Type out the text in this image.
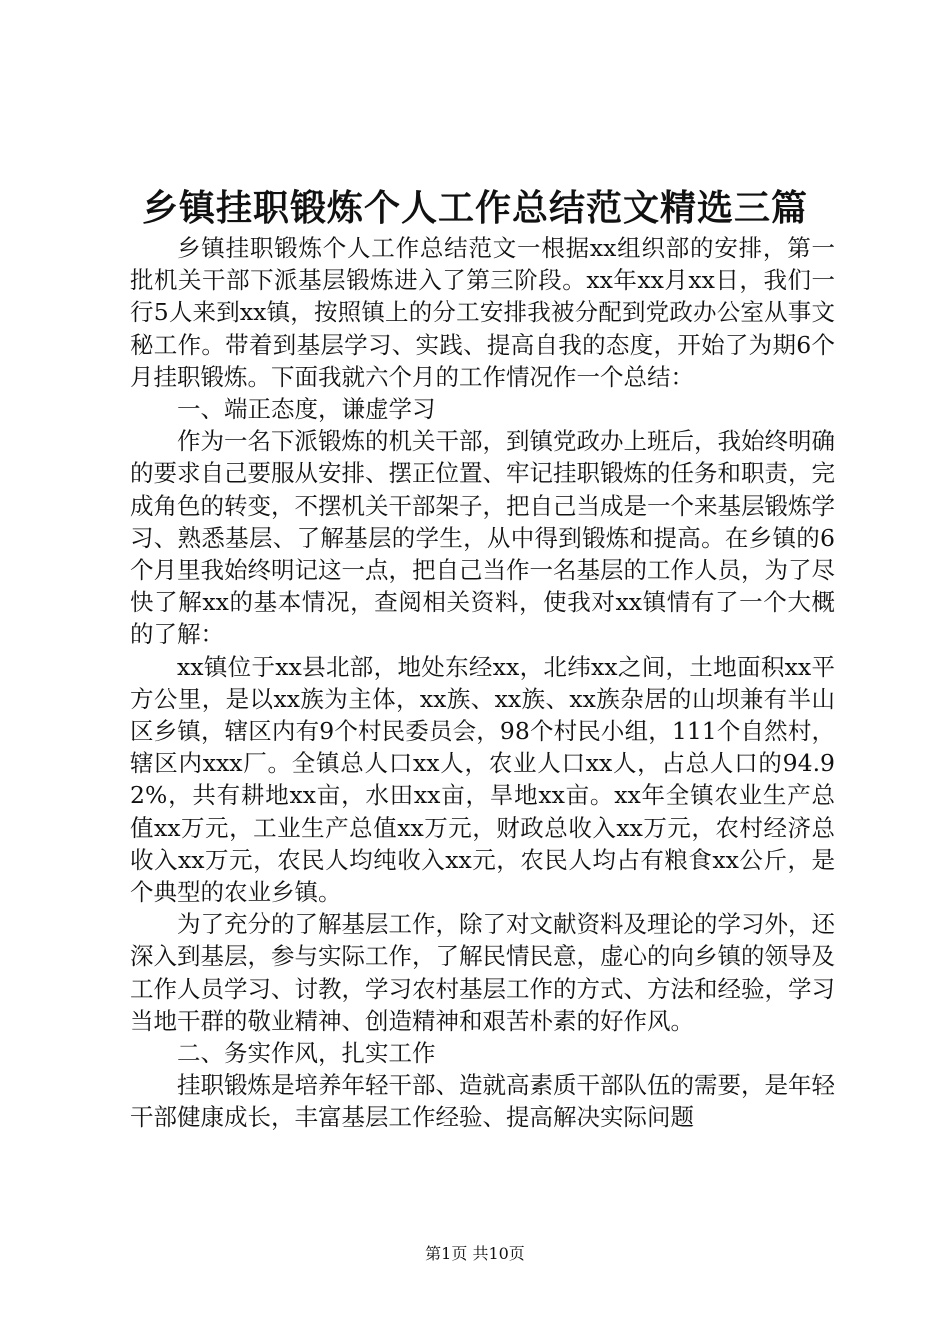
乡镇挂职锻炼个人工作总结范文精选三篇

乡镇挂职锻炼个人工作总结范文一根据xx组织部的安排，第一批机关干部下派基层锻炼进入了第三阶段。xx年xx月xx日，我们一行5人来到xx镇，按照镇上的分工安排我被分配到党政办公室从事文秘工作。带着到基层学习、实践、提高自我的态度，开始了为期6个月挂职锻炼。下面我就六个月的工作情况作一个总结：

一、端正态度，谦虚学习

作为一名下派锻炼的机关干部，到镇党政办上班后，我始终明确的要求自己要服从安排、摆正位置、牢记挂职锻炼的任务和职责，完成角色的转变，不摆机关干部架子，把自己当成是一个来基层锻炼学习、熟悉基层、了解基层的学生，从中得到锻炼和提高。在乡镇的6个月里我始终明记这一点，把自己当作一名基层的工作人员，为了尽快了解xx的基本情况，查阅相关资料，使我对xx镇情有了一个大概的了解：

xx镇位于xx县北部，地处东经xx，北纬xx之间，土地面积xx平方公里，是以xx族为主体，xx族、xx族、xx族杂居的山坝兼有半山区乡镇，辖区内有9个村民委员会，98个村民小组，111个自然村，辖区内xxx厂。全镇总人口xx人，农业人口xx人，占总人口的94.92%，共有耕地xx亩，水田xx亩，旱地xx亩。xx年全镇农业生产总值xx万元，工业生产总值xx万元，财政总收入xx万元，农村经济总收入xx万元，农民人均纯收入xx元，农民人均占有粮食xx公斤，是个典型的农业乡镇。

为了充分的了解基层工作，除了对文献资料及理论的学习外，还深入到基层，参与实际工作，了解民情民意，虚心的向乡镇的领导及工作人员学习、讨教，学习农村基层工作的方式、方法和经验，学习当地干群的敬业精神、创造精神和艰苦朴素的好作风。

二、务实作风，扎实工作

挂职锻炼是培养年轻干部、造就高素质干部队伍的需要，是年轻干部健康成长，丰富基层工作经验、提高解决实际问题

第1页 共10页
